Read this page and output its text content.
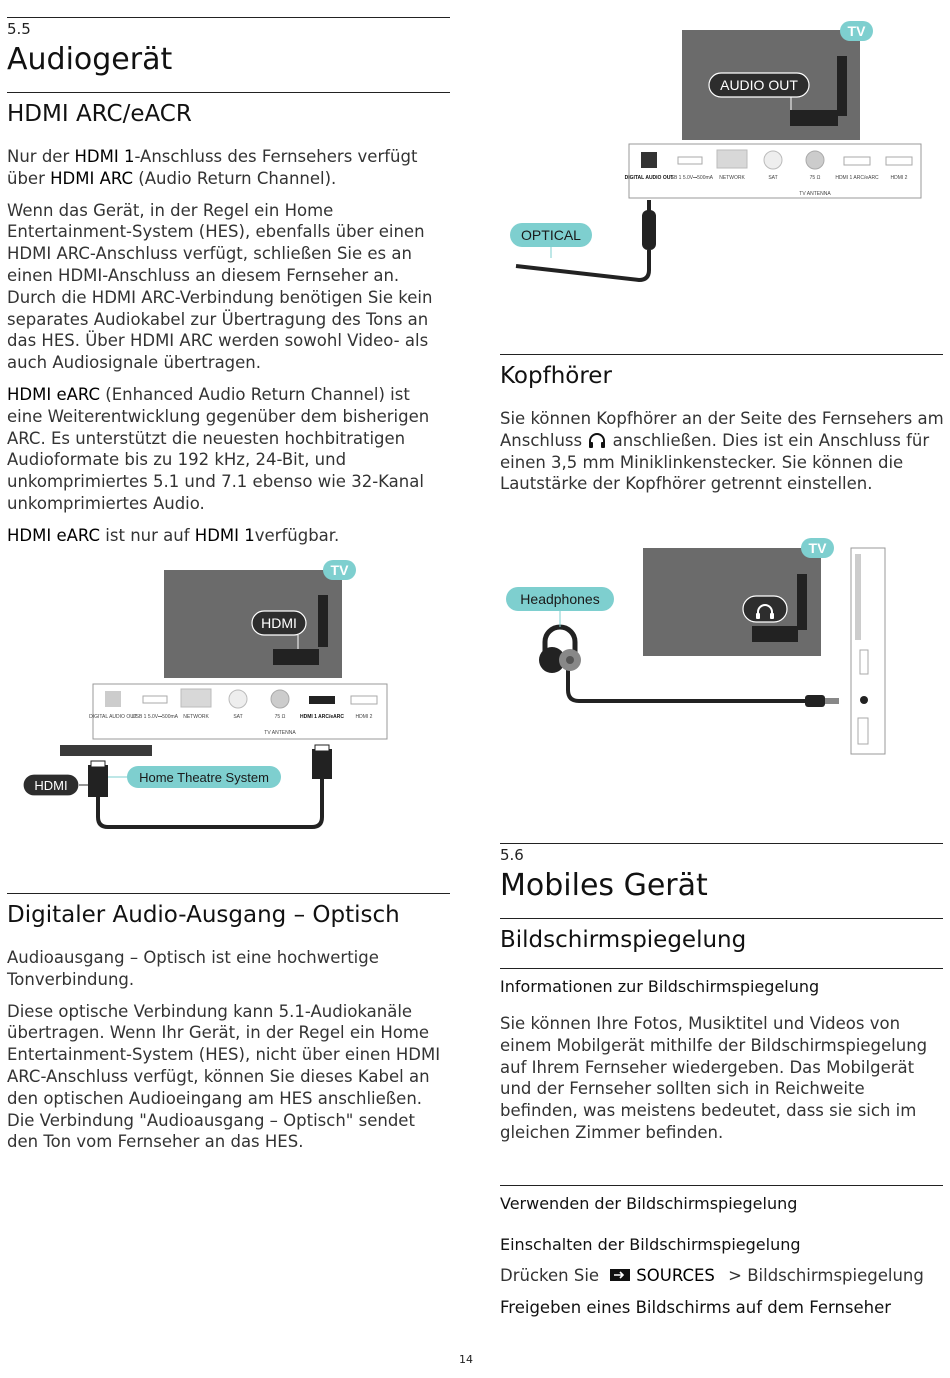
5.5
Audiogerät
HDMI ARC/eACR

Nur der HDMI 1-Anschluss des Fernsehers verfügt über HDMI ARC (Audio Return Channel).

Wenn das Gerät, in der Regel ein Home Entertainment-System (HES), ebenfalls über einen HDMI ARC-Anschluss verfügt, schließen Sie es an einen HDMI-Anschluss an diesem Fernseher an. Durch die HDMI ARC-Verbindung benötigen Sie kein separates Audiokabel zur Übertragung des Tons an das HES. Über HDMI ARC werden sowohl Video- als auch Audiosignale übertragen.

HDMI eARC (Enhanced Audio Return Channel) ist eine Weiterentwicklung gegenüber dem bisherigen ARC. Es unterstützt die neuesten hochbitratigen Audioformate bis zu 192 kHz, 24-Bit, und unkomprimiertes 5.1 und 7.1 ebenso wie 32-Kanal unkomprimiertes Audio.

HDMI eARC ist nur auf HDMI 1verfügbar.

TV
HDMI
DIGITAL AUDIO OUT
USB 1 5.0V⎓500mA NETWORK	SAT	75 Ω	HDMI 1 ARC/eARC HDMI 2
TV ANTENNA
HDMI
Home Theatre System
Digitaler Audio-Ausgang – Optisch

Audioausgang – Optisch ist eine hochwertige Tonverbindung.

Diese optische Verbindung kann 5.1-Audiokanäle übertragen. Wenn Ihr Gerät, in der Regel ein Home Entertainment-System (HES), nicht über einen HDMI ARC-Anschluss verfügt, können Sie dieses Kabel an den optischen Audioeingang am HES anschließen. Die Verbindung "Audioausgang – Optisch" sendet den Ton vom Fernseher an das HES.

TV
AUDIO OUT
DIGITAL AUDIO OUT
USB 1 5.0V⎓500mA NETWORK	SAT	75 Ω	HDMI 1 ARC/eARC HDMI 2
TV ANTENNA
OPTICAL
Kopfhörer

Sie können Kopfhörer an der Seite des Fernsehers am Anschluss  anschließen. Dies ist ein Anschluss für einen 3,5 mm Miniklinkenstecker. Sie können die Lautstärke der Kopfhörer getrennt einstellen.

TV
Headphones
5.6
Mobiles Gerät
Bildschirmspiegelung
Informationen zur Bildschirmspiegelung

Sie können Ihre Fotos, Musiktitel und Videos von einem Mobilgerät mithilfe der Bildschirmspiegelung auf Ihrem Fernseher wiedergeben. Das Mobilgerät und der Fernseher sollten sich in Reichweite befinden, was meistens bedeutet, dass sie sich im gleichen Zimmer befinden.

Verwenden der Bildschirmspiegelung
Einschalten der Bildschirmspiegelung
Drücken Sie SOURCES > Bildschirmspiegelung
Freigeben eines Bildschirms auf dem Fernseher
14
